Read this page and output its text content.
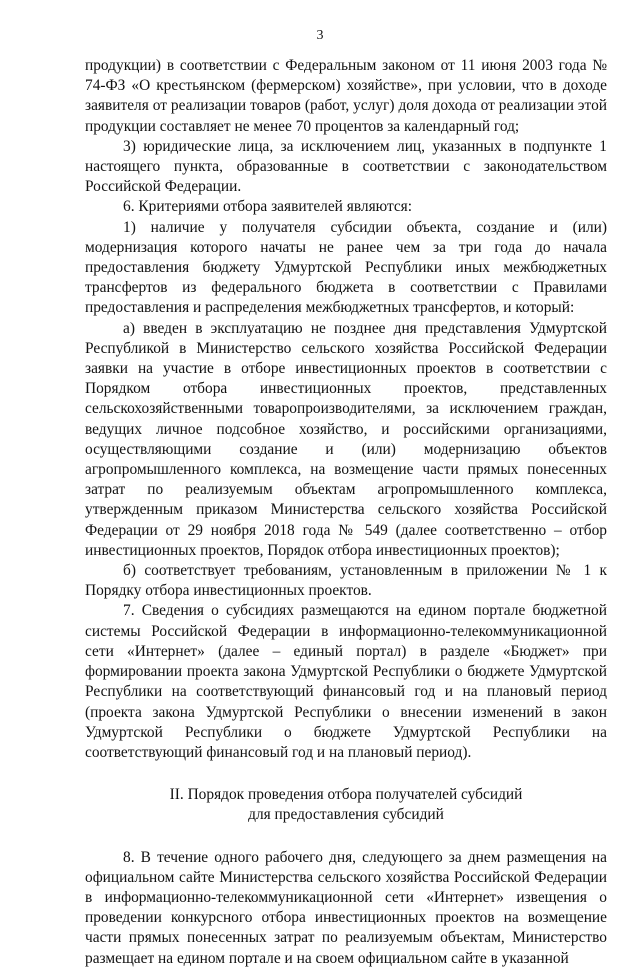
3

продукции) в соответствии с Федеральным законом от 11 июня 2003 года № 74-ФЗ «О крестьянском (фермерском) хозяйстве», при условии, что в доходе заявителя от реализации товаров (работ, услуг) доля дохода от реализации этой продукции составляет не менее 70 процентов за календарный год;

3) юридические лица, за исключением лиц, указанных в подпункте 1 настоящего пункта, образованные в соответствии с законодательством Российской Федерации.

6. Критериями отбора заявителей являются:

1) наличие у получателя субсидии объекта, создание и (или) модернизация которого начаты не ранее чем за три года до начала предоставления бюджету Удмуртской Республики иных межбюджетных трансфертов из федерального бюджета в соответствии с Правилами предоставления и распределения межбюджетных трансфертов, и который:

а) введен в эксплуатацию не позднее дня представления Удмуртской Республикой в Министерство сельского хозяйства Российской Федерации заявки на участие в отборе инвестиционных проектов в соответствии с Порядком отбора инвестиционных проектов, представленных сельскохозяйственными товаропроизводителями, за исключением граждан, ведущих личное подсобное хозяйство, и российскими организациями, осуществляющими создание и (или) модернизацию объектов агропромышленного комплекса, на возмещение части прямых понесенных затрат по реализуемым объектам агропромышленного комплекса, утвержденным приказом Министерства сельского хозяйства Российской Федерации от 29 ноября 2018 года № 549 (далее соответственно – отбор инвестиционных проектов, Порядок отбора инвестиционных проектов);

б) соответствует требованиям, установленным в приложении № 1 к Порядку отбора инвестиционных проектов.

7. Сведения о субсидиях размещаются на едином портале бюджетной системы Российской Федерации в информационно-телекоммуникационной сети «Интернет» (далее – единый портал) в разделе «Бюджет» при формировании проекта закона Удмуртской Республики о бюджете Удмуртской Республики на соответствующий финансовый год и на плановый период (проекта закона Удмуртской Республики о внесении изменений в закон Удмуртской Республики о бюджете Удмуртской Республики на соответствующий финансовый год и на плановый период).

II. Порядок проведения отбора получателей субсидий
для предоставления субсидий

8. В течение одного рабочего дня, следующего за днем размещения на официальном сайте Министерства сельского хозяйства Российской Федерации в информационно-телекоммуникационной сети «Интернет» извещения о проведении конкурсного отбора инвестиционных проектов на возмещение части прямых понесенных затрат по реализуемым объектам, Министерство размещает на едином портале и на своем официальном сайте в указанной
